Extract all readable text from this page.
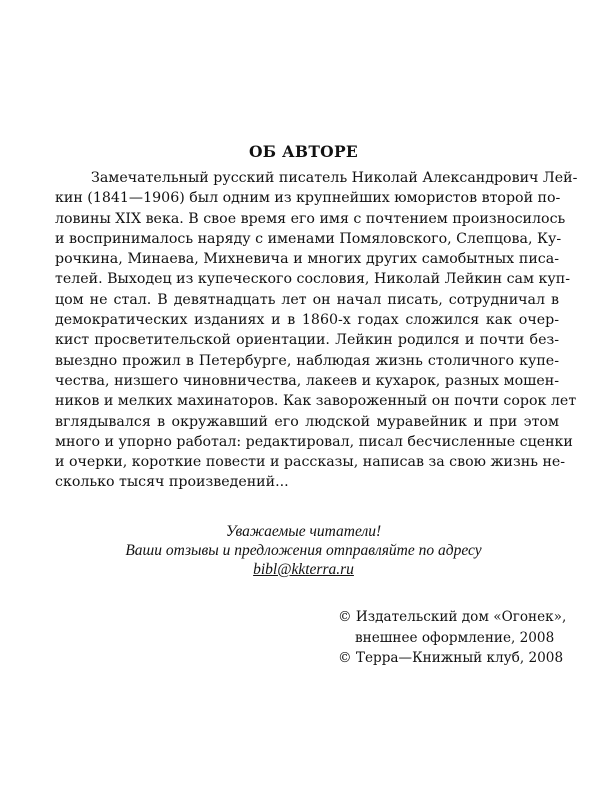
ОБ АВТОРЕ
Замечательный русский писатель Николай Александрович Лей-
кин (1841—1906) был одним из крупнейших юмористов второй по-
ловины XIX века. В свое время его имя с почтением произносилось
и воспринималось наряду с именами Помяловского, Слепцова, Ку-
рочкина, Минаева, Михневича и многих других самобытных писа-
телей. Выходец из купеческого сословия, Николай Лейкин сам куп-
цом не стал. В девятнадцать лет он начал писать, сотрудничал в
демократических изданиях и в 1860-х годах сложился как очер-
кист просветительской ориентации. Лейкин родился и почти без-
выездно прожил в Петербурге, наблюдая жизнь столичного купе-
чества, низшего чиновничества, лакеев и кухарок, разных мошен-
ников и мелких махинаторов. Как завороженный он почти сорок лет
вглядывался в окружавший его людской муравейник и при этом
много и упорно работал: редактировал, писал бесчисленные сценки
и очерки, короткие повести и рассказы, написав за свою жизнь не-
сколько тысяч произведений...
Уважаемые читатели!
Ваши отзывы и предложения отправляйте по адресу
bibl@kkterra.ru
© Издательский дом «Огонек»,
внешнее оформление, 2008
© Терра—Книжный клуб, 2008
